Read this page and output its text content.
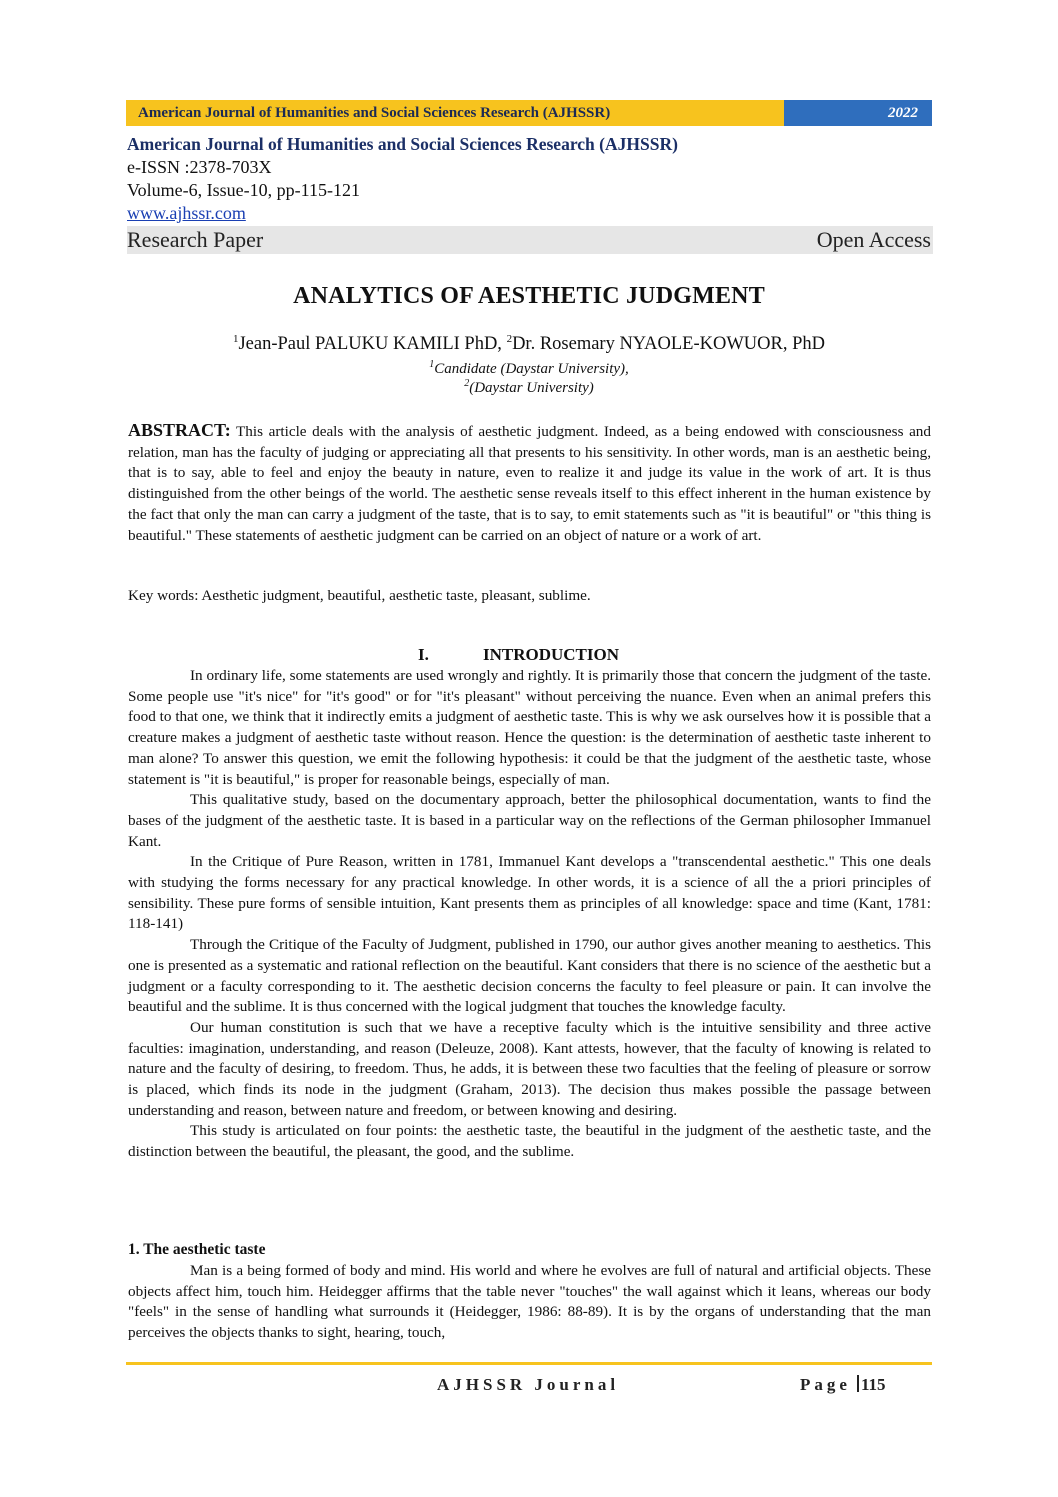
American Journal of Humanities and Social Sciences Research (AJHSSR)	2022
American Journal of Humanities and Social Sciences Research (AJHSSR)
e-ISSN :2378-703X
Volume-6, Issue-10, pp-115-121
www.ajhssr.com
Research Paper	Open Access
ANALYTICS OF AESTHETIC JUDGMENT
$^1$Jean-Paul PALUKU KAMILI PhD, $^2$Dr. Rosemary NYAOLE-KOWUOR, PhD
$^1$Candidate (Daystar University),
$^2$(Daystar University)

ABSTRACT: This article deals with the analysis of aesthetic judgment. Indeed, as a being endowed with consciousness and relation, man has the faculty of judging or appreciating all that presents to his sensitivity. In other words, man is an aesthetic being, that is to say, able to feel and enjoy the beauty in nature, even to realize it and judge its value in the work of art. It is thus distinguished from the other beings of the world. The aesthetic sense reveals itself to this effect inherent in the human existence by the fact that only the man can carry a judgment of the taste, that is to say, to emit statements such as "it is beautiful" or "this thing is beautiful." These statements of aesthetic judgment can be carried on an object of nature or a work of art.

Key words: Aesthetic judgment, beautiful, aesthetic taste, pleasant, sublime.

I.	INTRODUCTION

In ordinary life, some statements are used wrongly and rightly. It is primarily those that concern the judgment of the taste. Some people use "it's nice" for "it's good" or for "it's pleasant" without perceiving the nuance. Even when an animal prefers this food to that one, we think that it indirectly emits a judgment of aesthetic taste. This is why we ask ourselves how it is possible that a creature makes a judgment of aesthetic taste without reason. Hence the question: is the determination of aesthetic taste inherent to man alone? To answer this question, we emit the following hypothesis: it could be that the judgment of the aesthetic taste, whose statement is "it is beautiful," is proper for reasonable beings, especially of man.

This qualitative study, based on the documentary approach, better the philosophical documentation, wants to find the bases of the judgment of the aesthetic taste. It is based in a particular way on the reflections of the German philosopher Immanuel Kant.

In the Critique of Pure Reason, written in 1781, Immanuel Kant develops a "transcendental aesthetic." This one deals with studying the forms necessary for any practical knowledge. In other words, it is a science of all the a priori principles of sensibility. These pure forms of sensible intuition, Kant presents them as principles of all knowledge: space and time (Kant, 1781: 118-141)

Through the Critique of the Faculty of Judgment, published in 1790, our author gives another meaning to aesthetics. This one is presented as a systematic and rational reflection on the beautiful. Kant considers that there is no science of the aesthetic but a judgment or a faculty corresponding to it. The aesthetic decision concerns the faculty to feel pleasure or pain. It can involve the beautiful and the sublime. It is thus concerned with the logical judgment that touches the knowledge faculty.

Our human constitution is such that we have a receptive faculty which is the intuitive sensibility and three active faculties: imagination, understanding, and reason (Deleuze, 2008). Kant attests, however, that the faculty of knowing is related to nature and the faculty of desiring, to freedom. Thus, he adds, it is between these two faculties that the feeling of pleasure or sorrow is placed, which finds its node in the judgment (Graham, 2013). The decision thus makes possible the passage between understanding and reason, between nature and freedom, or between knowing and desiring.

This study is articulated on four points: the aesthetic taste, the beautiful in the judgment of the aesthetic taste, and the distinction between the beautiful, the pleasant, the good, and the sublime.

1. The aesthetic taste

Man is a being formed of body and mind. His world and where he evolves are full of natural and artificial objects. These objects affect him, touch him. Heidegger affirms that the table never "touches" the wall against which it leans, whereas our body "feels" in the sense of handling what surrounds it (Heidegger, 1986: 88-89). It is by the organs of understanding that the man perceives the objects thanks to sight, hearing, touch,

AJHSSR Journal	Page 115
